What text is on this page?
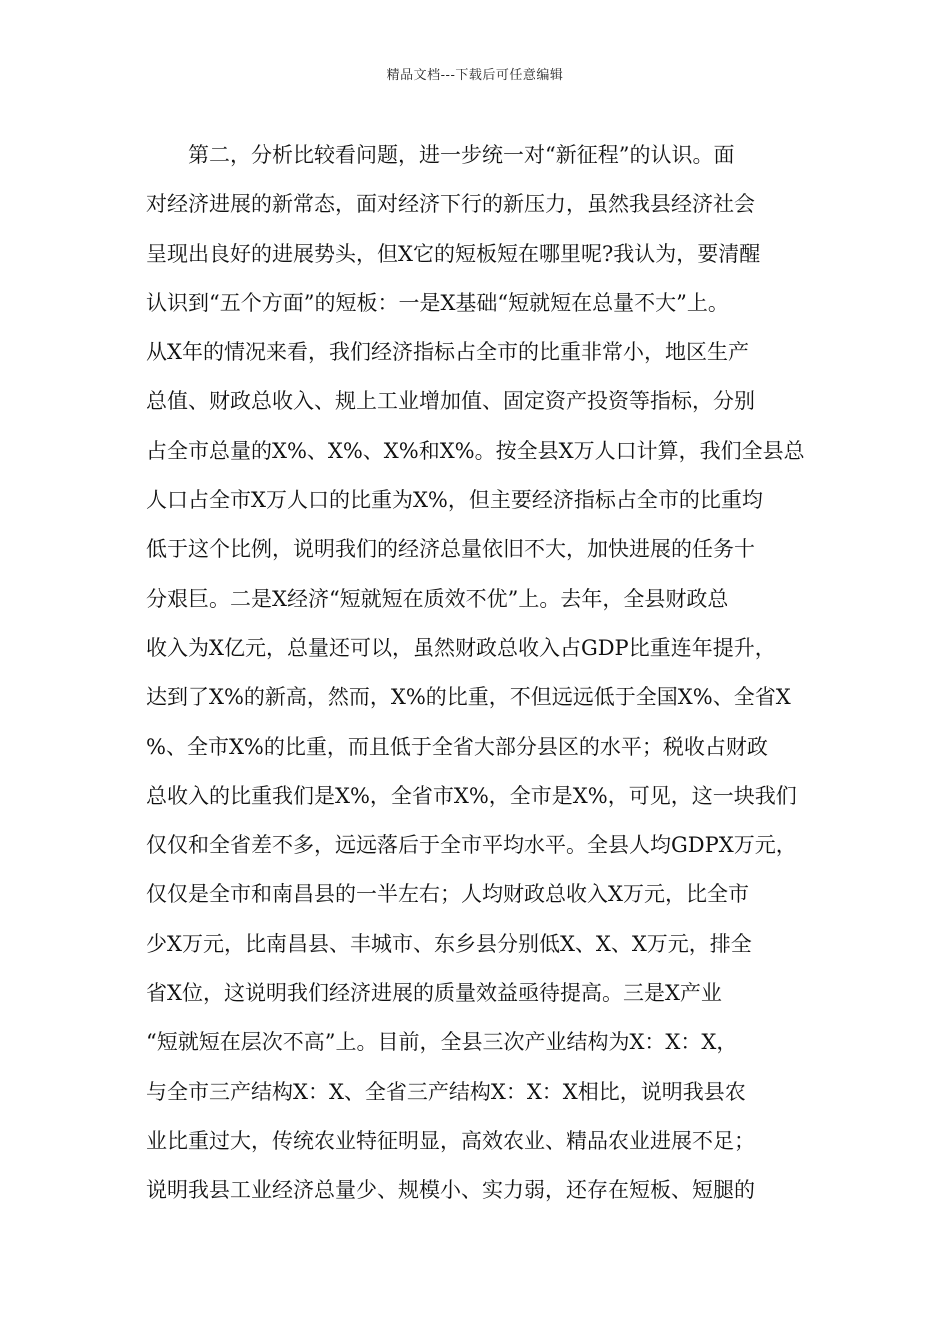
精品文档---下载后可任意编辑
　　第二，分析比较看问题，进一步统一对“新征程”的认识。面
对经济进展的新常态，面对经济下行的新压力，虽然我县经济社会
呈现出良好的进展势头，但X它的短板短在哪里呢?我认为，要清醒
认识到“五个方面”的短板：一是X基础“短就短在总量不大”上。
从X年的情况来看，我们经济指标占全市的比重非常小，地区生产
总值、财政总收入、规上工业增加值、固定资产投资等指标，分别
占全市总量的X%、X%、X%和X%。按全县X万人口计算，我们全县总
人口占全市X万人口的比重为X%，但主要经济指标占全市的比重均
低于这个比例，说明我们的经济总量依旧不大，加快进展的任务十
分艰巨。二是X经济“短就短在质效不优”上。去年，全县财政总
收入为X亿元，总量还可以，虽然财政总收入占GDP比重连年提升，
达到了X%的新高，然而，X%的比重，不但远远低于全国X%、全省X
%、全市X%的比重，而且低于全省大部分县区的水平；税收占财政
总收入的比重我们是X%，全省市X%，全市是X%，可见，这一块我们
仅仅和全省差不多，远远落后于全市平均水平。全县人均GDPX万元，
仅仅是全市和南昌县的一半左右；人均财政总收入X万元，比全市
少X万元，比南昌县、丰城市、东乡县分别低X、X、X万元，排全
省X位，这说明我们经济进展的质量效益亟待提高。三是X产业
“短就短在层次不高”上。目前，全县三次产业结构为X：X：X，
与全市三产结构X：X、全省三产结构X：X：X相比，说明我县农
业比重过大，传统农业特征明显，高效农业、精品农业进展不足；
说明我县工业经济总量少、规模小、实力弱，还存在短板、短腿的
